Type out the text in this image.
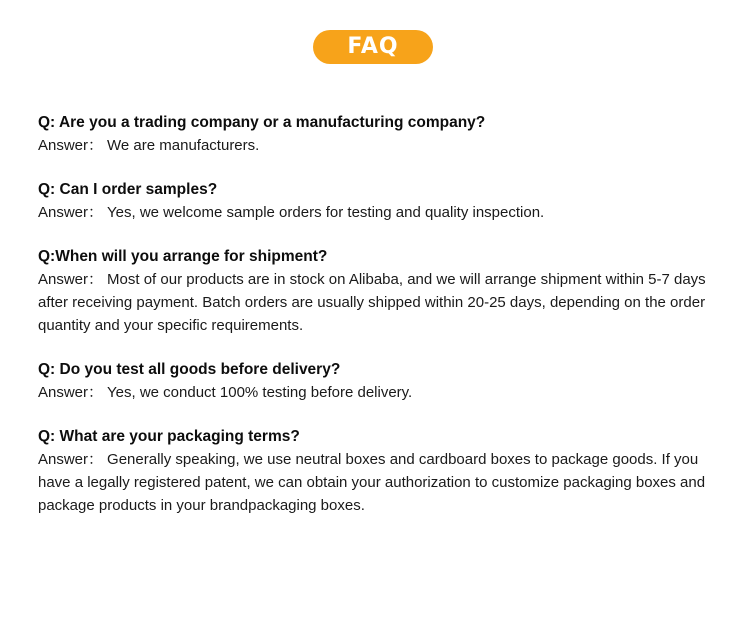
FAQ
Q: Are you a trading company or a manufacturing company?
Answer： We are manufacturers.
Q: Can I order samples?
Answer： Yes, we welcome sample orders for testing and quality inspection.
Q:When will you arrange for shipment?
Answer： Most of our products are in stock on Alibaba, and we will arrange shipment within 5-7 days after receiving payment. Batch orders are usually shipped within 20-25 days, depending on the order quantity and your specific requirements.
Q: Do you test all goods before delivery?
Answer： Yes, we conduct 100% testing before delivery.
Q: What are your packaging terms?
Answer： Generally speaking, we use neutral boxes and cardboard boxes to package goods. If you have a legally registered patent, we can obtain your authorization to customize packaging boxes and package products in your brandpackaging boxes.
